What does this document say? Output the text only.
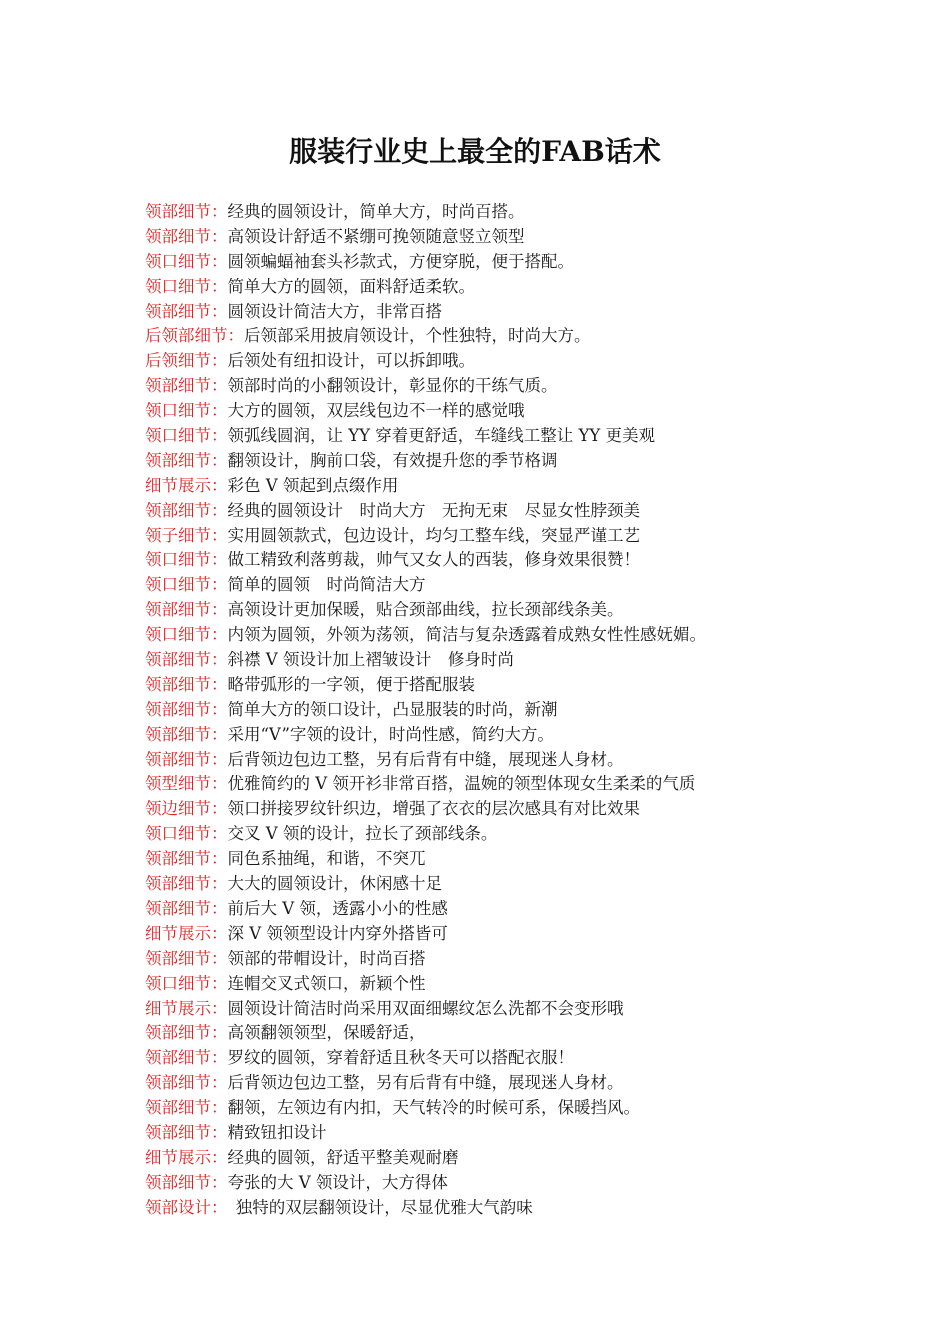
服装行业史上最全的FAB话术
领部细节：经典的圆领设计，简单大方，时尚百搭。
领部细节：高领设计舒适不紧绷可挽领随意竖立领型
领口细节：圆领蝙蝠袖套头衫款式，方便穿脱，便于搭配。
领口细节：简单大方的圆领，面料舒适柔软。
领部细节：圆领设计简洁大方，非常百搭
后领部细节：后领部采用披肩领设计，个性独特，时尚大方。
后领细节：后领处有纽扣设计，可以拆卸哦。
领部细节：领部时尚的小翻领设计，彰显你的干练气质。
领口细节：大方的圆领，双层线包边不一样的感觉哦
领口细节：领弧线圆润，让 YY 穿着更舒适，车缝线工整让 YY 更美观
领部细节：翻领设计，胸前口袋，有效提升您的季节格调
细节展示：彩色 V 领起到点缀作用
领部细节：经典的圆领设计　时尚大方　无拘无束　尽显女性脖颈美
领子细节：实用圆领款式，包边设计，均匀工整车线，突显严谨工艺
领口细节：做工精致利落剪裁，帅气又女人的西装，修身效果很赞！
领口细节：简单的圆领　时尚简洁大方
领部细节：高领设计更加保暖，贴合颈部曲线，拉长颈部线条美。
领口细节：内领为圆领，外领为荡领，简洁与复杂透露着成熟女性性感妩媚。
领部细节：斜襟 V 领设计加上褶皱设计　修身时尚
领部细节：略带弧形的一字领，便于搭配服装
领部细节：简单大方的领口设计，凸显服装的时尚，新潮
领部细节：采用“V”字领的设计，时尚性感，简约大方。
领部细节：后背领边包边工整，另有后背有中缝，展现迷人身材。
领型细节：优雅简约的 V 领开衫非常百搭，温婉的领型体现女生柔柔的气质
领边细节：领口拼接罗纹针织边，增强了衣衣的层次感具有对比效果
领口细节：交叉 V 领的设计，拉长了颈部线条。
领部细节：同色系抽绳，和谐，不突兀
领部细节：大大的圆领设计，休闲感十足
领部细节：前后大 V 领，透露小小的性感
细节展示：深 V 领领型设计内穿外搭皆可
领部细节：领部的带帽设计，时尚百搭
领口细节：连帽交叉式领口，新颖个性
细节展示：圆领设计简洁时尚采用双面细螺纹怎么洗都不会变形哦
领部细节：高领翻领领型，保暖舒适，
领部细节：罗纹的圆领，穿着舒适且秋冬天可以搭配衣服！
领部细节：后背领边包边工整，另有后背有中缝，展现迷人身材。
领部细节：翻领，左领边有内扣，天气转冷的时候可系，保暖挡风。
领部细节：精致钮扣设计
细节展示：经典的圆领，舒适平整美观耐磨
领部细节：夸张的大 V 领设计，大方得体
领部设计：　独特的双层翻领设计，尽显优雅大气韵味
